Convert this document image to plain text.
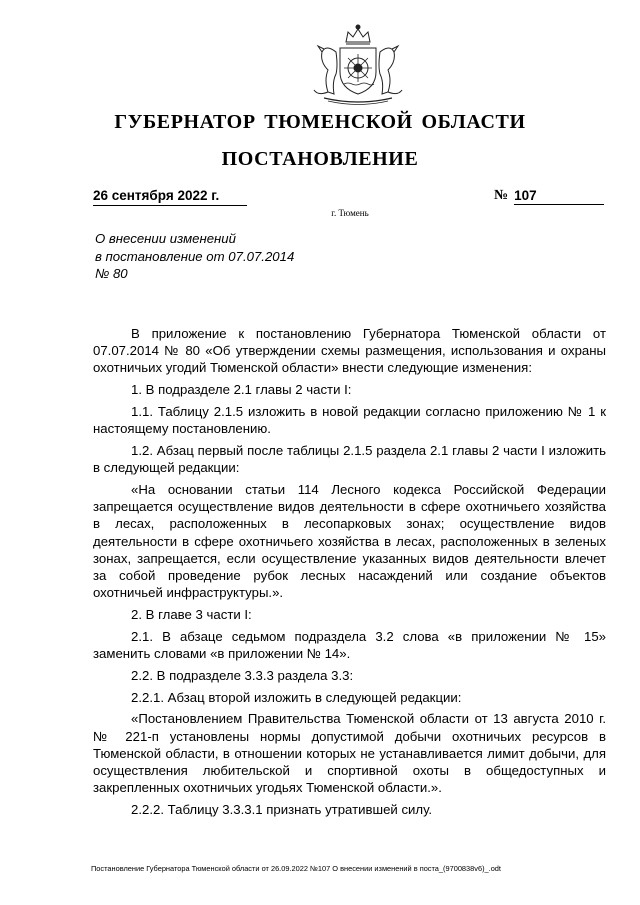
ГУБЕРНАТОР ТЮМЕНСКОЙ ОБЛАСТИ
ПОСТАНОВЛЕНИЕ
26 сентября 2022 г.	№ 107
г. Тюмень
О внесении изменений
в постановление от 07.07.2014
№ 80

В приложение к постановлению Губернатора Тюменской области от 07.07.2014 № 80 «Об утверждении схемы размещения, использования и охраны охотничьих угодий Тюменской области» внести следующие изменения:

1. В подразделе 2.1 главы 2 части I:

1.1. Таблицу 2.1.5 изложить в новой редакции согласно приложению № 1 к настоящему постановлению.

1.2. Абзац первый после таблицы 2.1.5 раздела 2.1 главы 2 части I изложить в следующей редакции:

«На основании статьи 114 Лесного кодекса Российской Федерации запрещается осуществление видов деятельности в сфере охотничьего хозяйства в лесах, расположенных в лесопарковых зонах; осуществление видов деятельности в сфере охотничьего хозяйства в лесах, расположенных в зеленых зонах, запрещается, если осуществление указанных видов деятельности влечет за собой проведение рубок лесных насаждений или создание объектов охотничьей инфраструктуры.».

2. В главе 3 части I:

2.1. В абзаце седьмом подраздела 3.2 слова «в приложении № 15» заменить словами «в приложении № 14».

2.2. В подразделе 3.3.3 раздела 3.3:

2.2.1. Абзац второй изложить в следующей редакции:

«Постановлением Правительства Тюменской области от 13 августа 2010 г. № 221-п установлены нормы допустимой добычи охотничьих ресурсов в Тюменской области, в отношении которых не устанавливается лимит добычи, для осуществления любительской и спортивной охоты в общедоступных и закрепленных охотничьих угодьях Тюменской области.».

2.2.2. Таблицу 3.3.3.1 признать утратившей силу.

Постановление Губернатора Тюменской области от 26.09.2022 №107 О внесении изменений в поста_(9700838v6)_.odt
